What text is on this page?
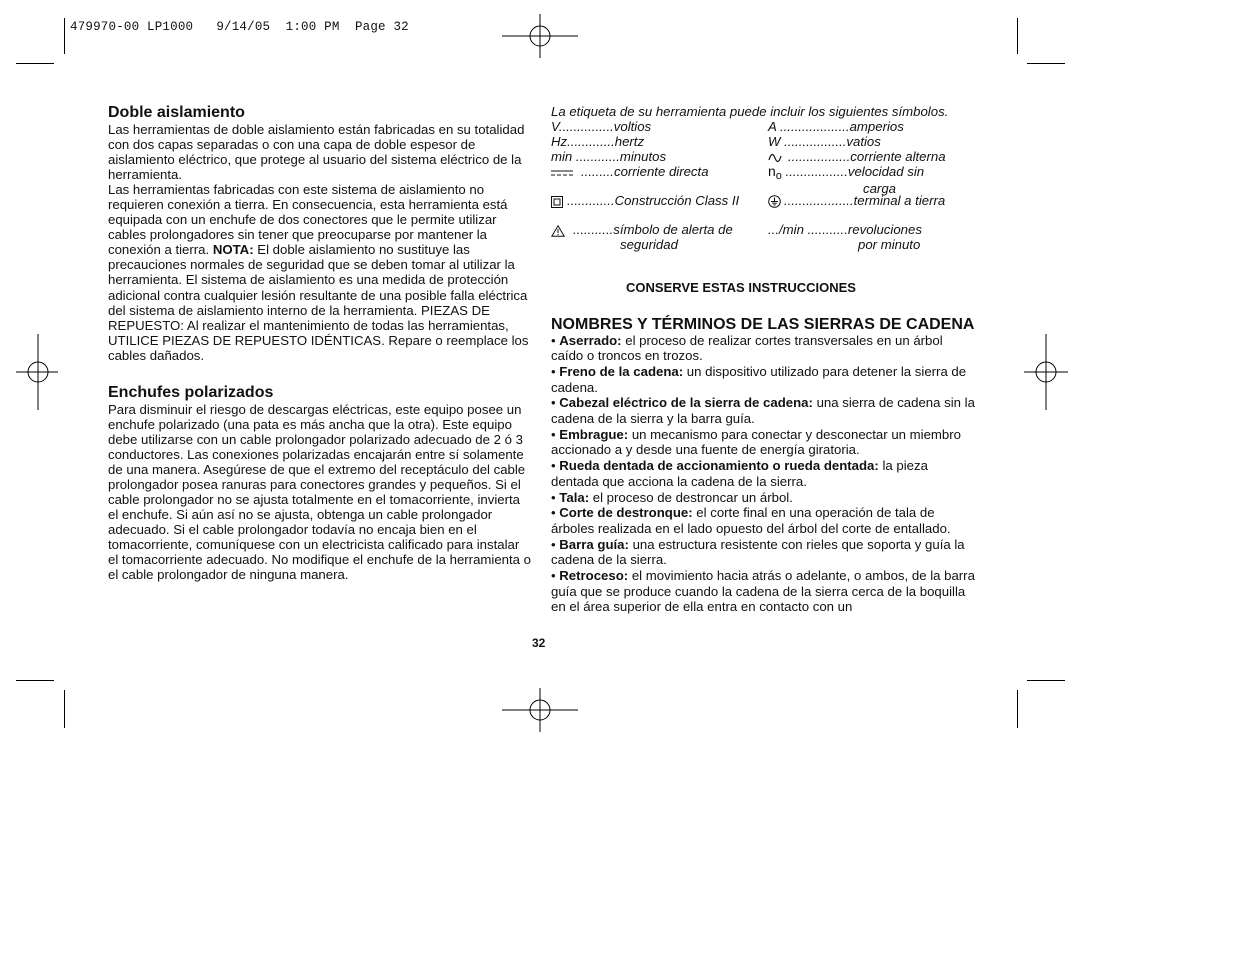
479970-00 LP1000   9/14/05  1:00 PM  Page 32
Doble aislamiento

Las herramientas de doble aislamiento están fabricadas en su totalidad con dos capas separadas o con una capa de doble espesor de aislamiento eléctrico, que protege al usuario del sistema eléctrico de la herramienta.

Las herramientas fabricadas con este sistema de aislamiento no requieren conexión a tierra. En consecuencia, esta herramienta está equipada con un enchufe de dos conectores que le permite utilizar cables prolongadores sin tener que preocuparse por mantener la conexión a tierra. NOTA: El doble aislamiento no sustituye las precauciones normales de seguridad que se deben tomar al utilizar la herramienta. El sistema de aislamiento es una medida de protección adicional contra cualquier lesión resultante de una posible falla eléctrica del sistema de aislamiento interno de la herramienta. PIEZAS DE REPUESTO: Al realizar el mantenimiento de todas las herramientas, UTILICE PIEZAS DE REPUESTO IDÉNTICAS. Repare o reemplace los cables dañados.

Enchufes polarizados

Para disminuir el riesgo de descargas eléctricas, este equipo posee un enchufe polarizado (una pata es más ancha que la otra). Este equipo debe utilizarse con un cable prolongador polarizado adecuado de 2 ó 3 conductores. Las conexiones polarizadas encajarán entre sí solamente de una manera. Asegúrese de que el extremo del receptáculo del cable prolongador posea ranuras para conectores grandes y pequeños. Si el cable prolongador no se ajusta totalmente en el tomacorriente, invierta el enchufe. Si aún así no se ajusta, obtenga un cable prolongador adecuado. Si el cable prolongador todavía no encaja bien en el tomacorriente, comuníquese con un electricista calificado para instalar el tomacorriente adecuado. No modifique el enchufe de la herramienta o el cable prolongador de ninguna manera.

La etiqueta de su herramienta puede incluir los siguientes símbolos.

V...............voltios
Hz.............hertz
min ............minutos
.........corriente directa
.............Construcción Class II
...........símbolo de alerta de
seguridad
A ...................amperios
W .................vatios
.................corriente alterna
$n_o$ .................velocidad sin
carga
...................terminal a tierra
.../min ...........revoluciones
por minuto

CONSERVE ESTAS INSTRUCCIONES

NOMBRES Y TÉRMINOS DE LAS SIERRAS DE CADENA

• Aserrado: el proceso de realizar cortes transversales en un árbol caído o troncos en trozos.

• Freno de la cadena: un dispositivo utilizado para detener la sierra de cadena.

• Cabezal eléctrico de la sierra de cadena: una sierra de cadena sin la cadena de la sierra y la barra guía.

• Embrague: un mecanismo para conectar y desconectar un miembro accionado a y desde una fuente de energía giratoria.

• Rueda dentada de accionamiento o rueda dentada: la pieza dentada que acciona la cadena de la sierra.

• Tala: el proceso de destroncar un árbol.

• Corte de destronque: el corte final en una operación de tala de árboles realizada en el lado opuesto del árbol del corte de entallado.

• Barra guía: una estructura resistente con rieles que soporta y guía la cadena de la sierra.

• Retroceso: el movimiento hacia atrás o adelante, o ambos, de la barra guía que se produce cuando la cadena de la sierra cerca de la boquilla en el área superior de ella entra en contacto con un

32
